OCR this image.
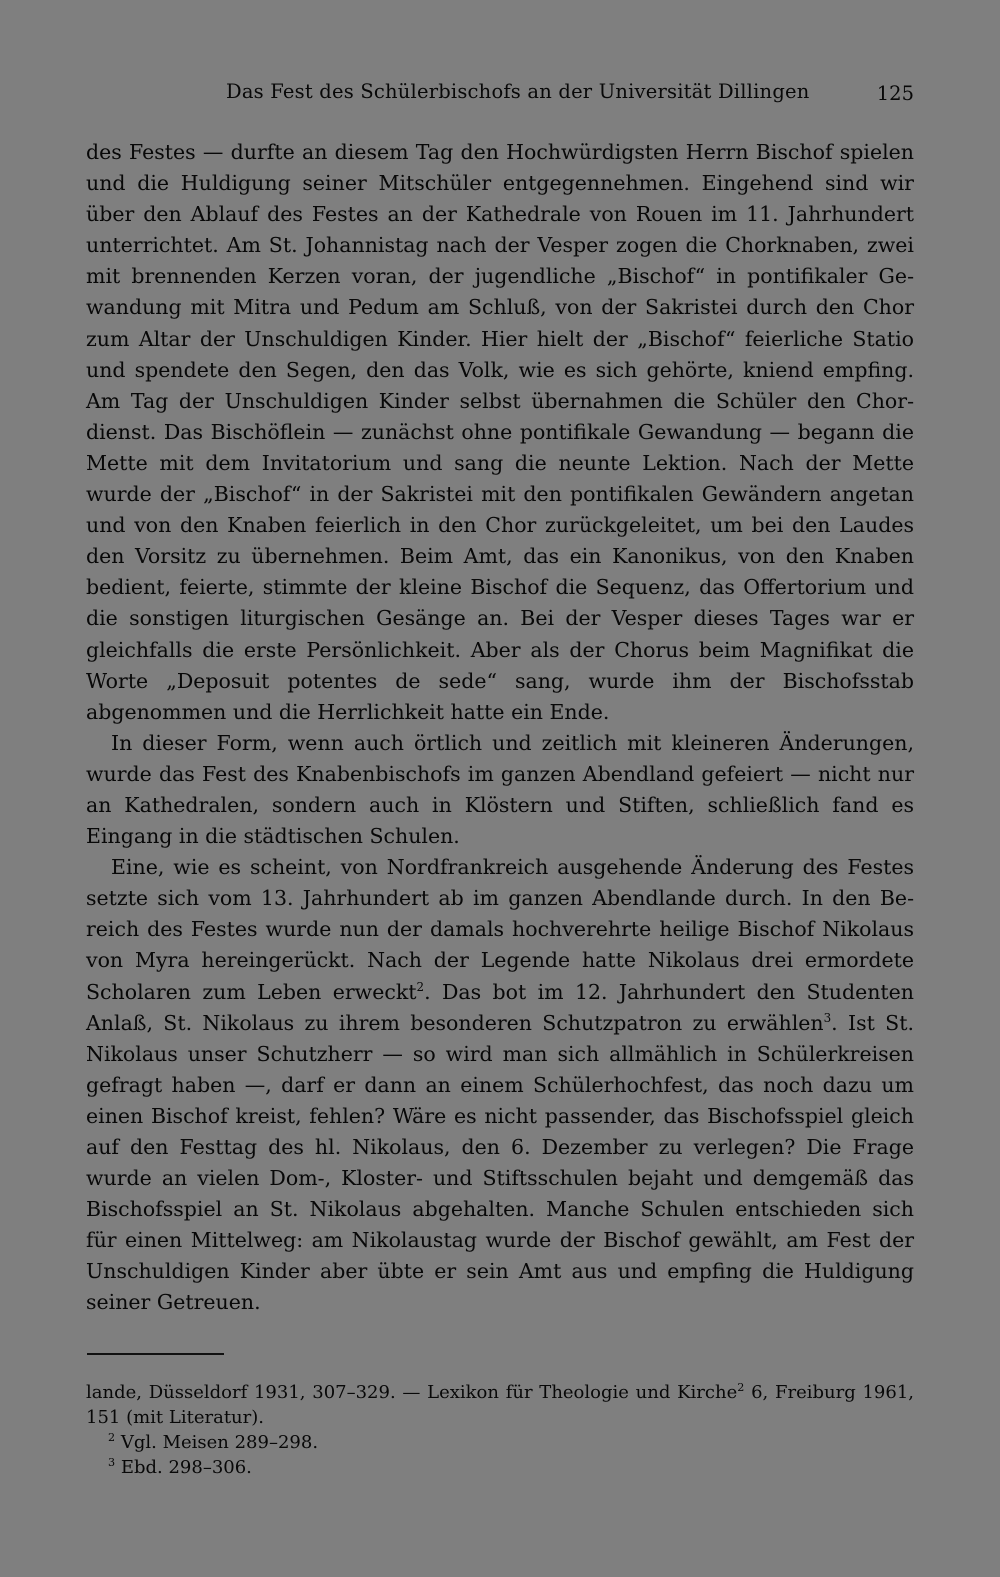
Das Fest des Schülerbischofs an der Universität Dillingen	125

des Festes — durfte an diesem Tag den Hochwürdigsten Herrn Bischof spielen und die Huldigung seiner Mitschüler entgegennehmen. Eingehend sind wir über den Ablauf des Festes an der Kathedrale von Rouen im 11. Jahrhundert unterrichtet. Am St. Johannistag nach der Vesper zogen die Chorknaben, zwei mit brennenden Kerzen voran, der jugendliche „Bischof“ in pontifikaler Gewandung mit Mitra und Pedum am Schluß, von der Sakristei durch den Chor zum Altar der Unschuldigen Kinder. Hier hielt der „Bischof“ feierliche Statio und spendete den Segen, den das Volk, wie es sich gehörte, kniend empfing. Am Tag der Unschuldigen Kinder selbst übernahmen die Schüler den Chordienst. Das Bischöflein — zunächst ohne pontifikale Gewandung — begann die Mette mit dem Invitatorium und sang die neunte Lektion. Nach der Mette wurde der „Bischof“ in der Sakristei mit den pontifikalen Gewändern angetan und von den Knaben feierlich in den Chor zurückgeleitet, um bei den Laudes den Vorsitz zu übernehmen. Beim Amt, das ein Kanonikus, von den Knaben bedient, feierte, stimmte der kleine Bischof die Sequenz, das Offertorium und die sonstigen liturgischen Gesänge an. Bei der Vesper dieses Tages war er gleichfalls die erste Persönlichkeit. Aber als der Chorus beim Magnifikat die Worte „Deposuit potentes de sede“ sang, wurde ihm der Bischofsstab abgenommen und die Herrlichkeit hatte ein Ende.

In dieser Form, wenn auch örtlich und zeitlich mit kleineren Änderungen, wurde das Fest des Knabenbischofs im ganzen Abendland gefeiert — nicht nur an Kathedralen, sondern auch in Klöstern und Stiften, schließlich fand es Eingang in die städtischen Schulen.

Eine, wie es scheint, von Nordfrankreich ausgehende Änderung des Festes setzte sich vom 13. Jahrhundert ab im ganzen Abendlande durch. In den Bereich des Festes wurde nun der damals hochverehrte heilige Bischof Nikolaus von Myra hereingerückt. Nach der Legende hatte Nikolaus drei ermordete Scholaren zum Leben erweckt$^2$. Das bot im 12. Jahrhundert den Studenten Anlaß, St. Nikolaus zu ihrem besonderen Schutzpatron zu erwählen$^3$. Ist St. Nikolaus unser Schutzherr — so wird man sich allmählich in Schülerkreisen gefragt haben —, darf er dann an einem Schülerhochfest, das noch dazu um einen Bischof kreist, fehlen? Wäre es nicht passender, das Bischofsspiel gleich auf den Festtag des hl. Nikolaus, den 6. Dezember zu verlegen? Die Frage wurde an vielen Dom-, Kloster- und Stiftsschulen bejaht und demgemäß das Bischofsspiel an St. Nikolaus abgehalten. Manche Schulen entschieden sich für einen Mittelweg: am Nikolaustag wurde der Bischof gewählt, am Fest der Unschuldigen Kinder aber übte er sein Amt aus und empfing die Huldigung seiner Getreuen.

lande, Düsseldorf 1931, 307–329. — Lexikon für Theologie und Kirche$^2$ 6, Freiburg 1961, 151 (mit Literatur).

$^2$ Vgl. Meisen 289–298.

$^3$ Ebd. 298–306.
